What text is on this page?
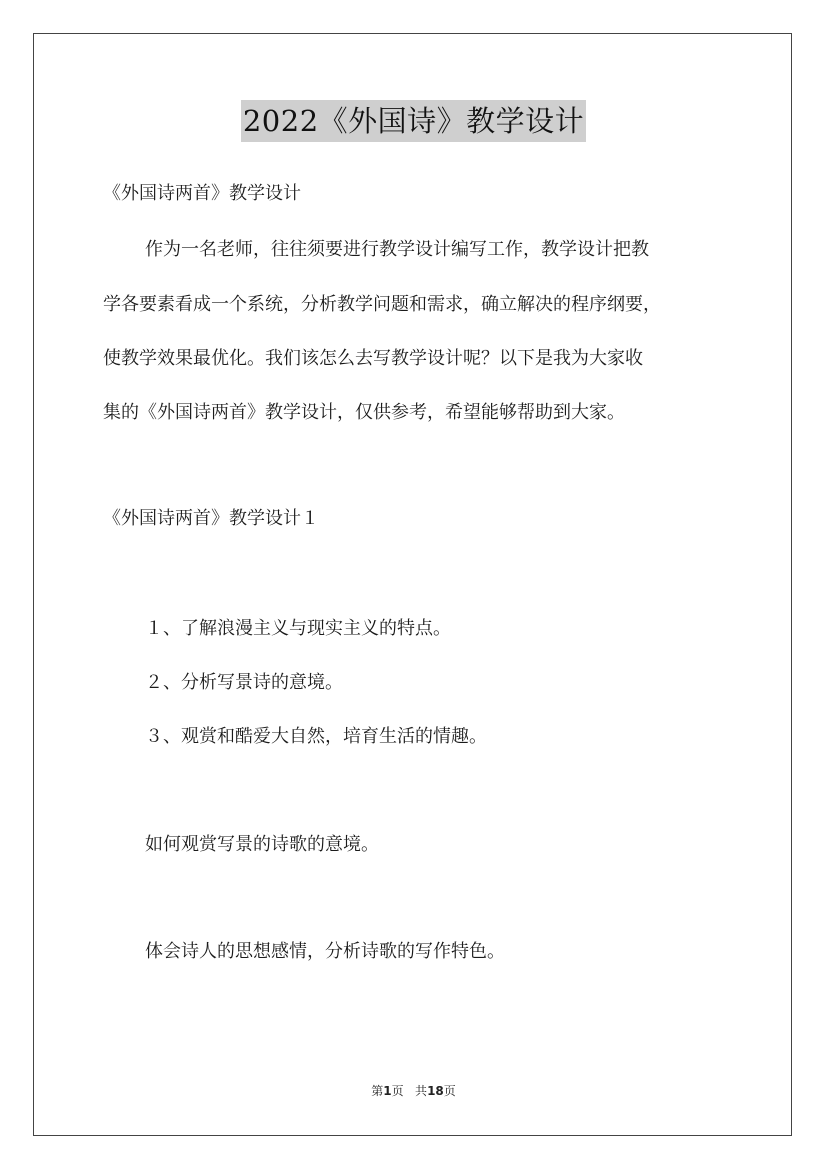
2022《外国诗》教学设计
《外国诗两首》教学设计
作为一名老师，往往须要进行教学设计编写工作，教学设计把教
学各要素看成一个系统，分析教学问题和需求，确立解决的程序纲要，
使教学效果最优化。我们该怎么去写教学设计呢？以下是我为大家收
集的《外国诗两首》教学设计，仅供参考，希望能够帮助到大家。
《外国诗两首》教学设计１
１、了解浪漫主义与现实主义的特点。
２、分析写景诗的意境。
３、观赏和酷爱大自然，培育生活的情趣。
如何观赏写景的诗歌的意境。
体会诗人的思想感情，分析诗歌的写作特色。
第1页 共18页
